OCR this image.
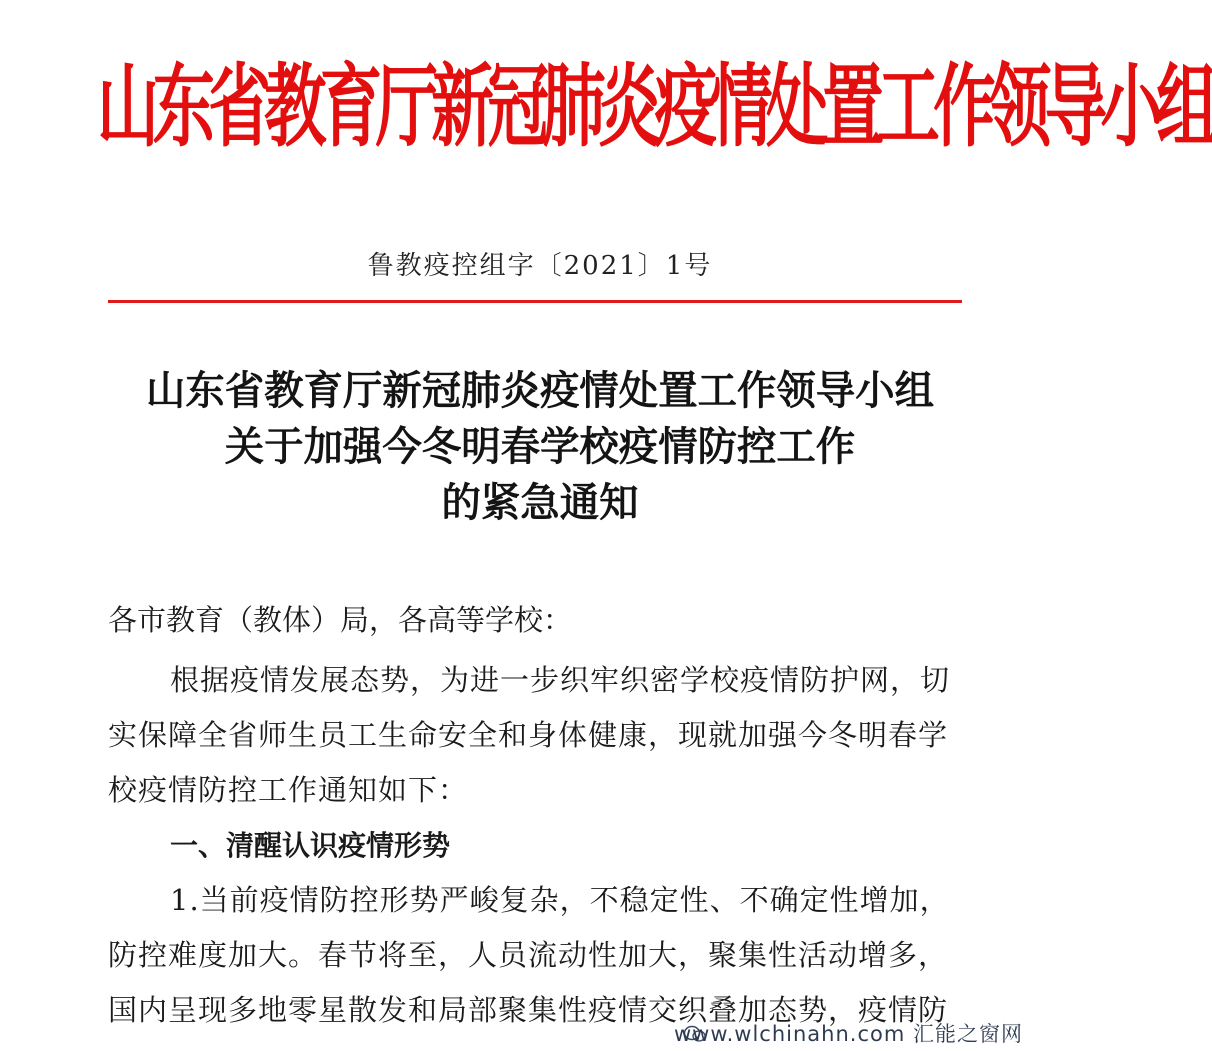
山东省教育厅新冠肺炎疫情处置工作领导小组
鲁教疫控组字〔2021〕1号
山东省教育厅新冠肺炎疫情处置工作领导小组
关于加强今冬明春学校疫情防控工作
的紧急通知
各市教育（教体）局，各高等学校：
根据疫情发展态势，为进一步织牢织密学校疫情防护网，切
实保障全省师生员工生命安全和身体健康，现就加强今冬明春学
校疫情防控工作通知如下：
一、清醒认识疫情形势
1.当前疫情防控形势严峻复杂，不稳定性、不确定性增加，
防控难度加大。春节将至，人员流动性加大，聚集性活动增多，
国内呈现多地零星散发和局部聚集性疫情交织叠加态势，疫情防
www.wlchinahn.com 汇能之窗网
